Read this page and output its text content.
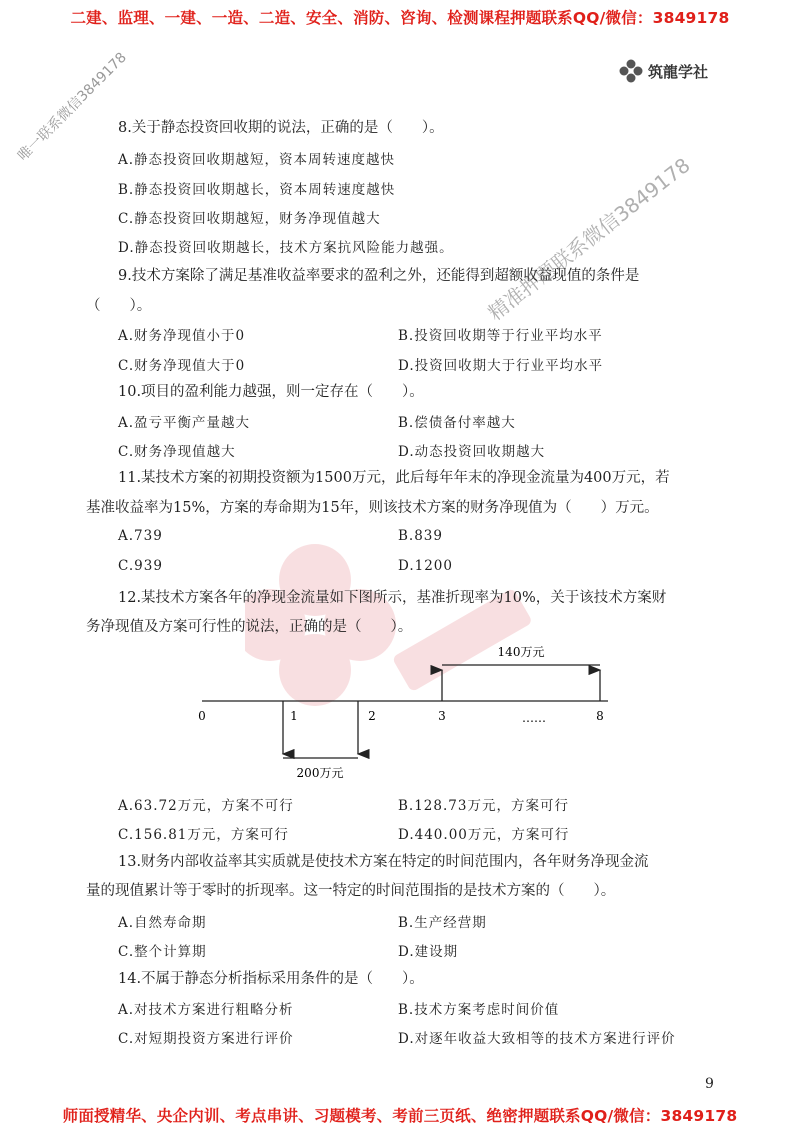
二建、监理、一建、一造、二造、安全、消防、咨询、检测课程押题联系QQ/微信：3849178
筑龍学社
唯一联系微信3849178
精准押题联系微信3849178
8.关于静态投资回收期的说法，正确的是（　　）。
A.静态投资回收期越短，资本周转速度越快
B.静态投资回收期越长，资本周转速度越快
C.静态投资回收期越短，财务净现值越大
D.静态投资回收期越长，技术方案抗风险能力越强。
9.技术方案除了满足基准收益率要求的盈利之外，还能得到超额收益现值的条件是
（　　）。
A.财务净现值小于0	B.投资回收期等于行业平均水平
C.财务净现值大于0	D.投资回收期大于行业平均水平
10.项目的盈利能力越强，则一定存在（　　）。
A.盈亏平衡产量越大	B.偿债备付率越大
C.财务净现值越大	D.动态投资回收期越大
11.某技术方案的初期投资额为1500万元，此后每年年末的净现金流量为400万元，若
基准收益率为15%，方案的寿命期为15年，则该技术方案的财务净现值为（　　）万元。
A.739	B.839
C.939	D.1200
12.某技术方案各年的净现金流量如下图所示，基准折现率为10%，关于该技术方案财
务净现值及方案可行性的说法，正确的是（　　）。
0	1	2	3	……	8
200万元
140万元
A.63.72万元，方案不可行	B.128.73万元，方案可行
C.156.81万元，方案可行	D.440.00万元，方案可行
13.财务内部收益率其实质就是使技术方案在特定的时间范围内，各年财务净现金流
量的现值累计等于零时的折现率。这一特定的时间范围指的是技术方案的（　　）。
A.自然寿命期	B.生产经营期
C.整个计算期	D.建设期
14.不属于静态分析指标采用条件的是（　　）。
A.对技术方案进行粗略分析	B.技术方案考虑时间价值
C.对短期投资方案进行评价	D.对逐年收益大致相等的技术方案进行评价
9
师面授精华、央企内训、考点串讲、习题模考、考前三页纸、绝密押题联系QQ/微信：3849178
